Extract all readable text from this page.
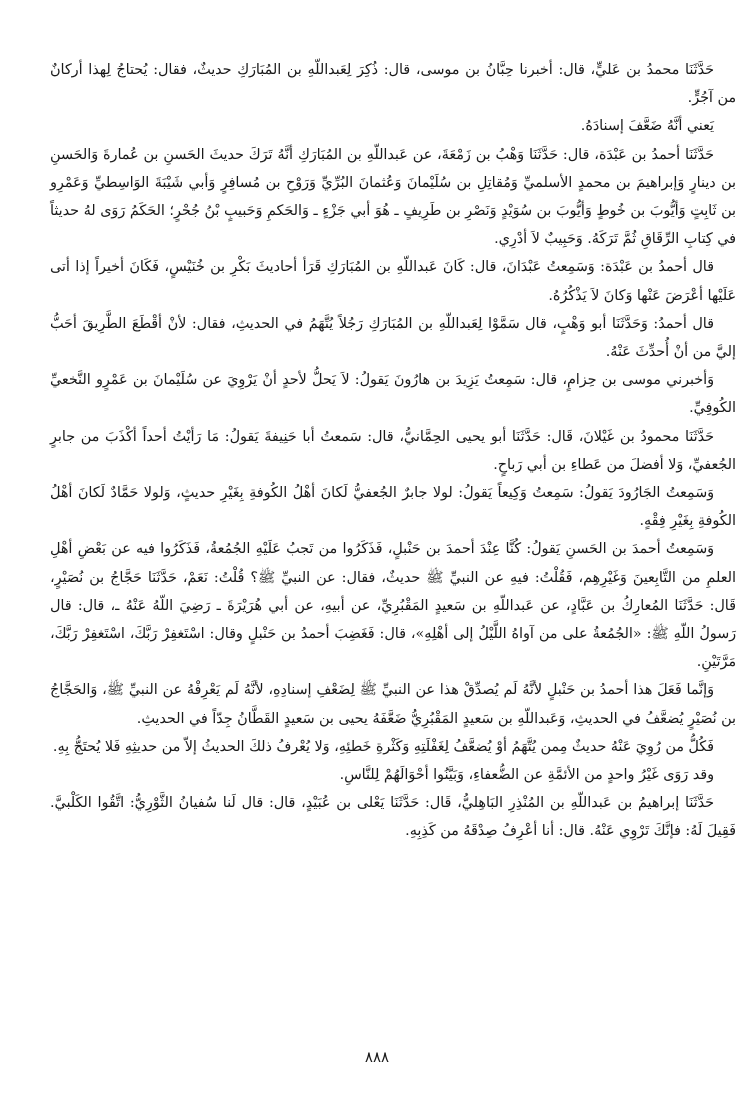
حَدَّثَنَا محمدُ بن عَليٍّ، قال: أخبرنا حِبَّانُ بن موسى، قال: ذُكِرَ لِعَبداللّهِ بن المُبَارَكِ حديثٌ، فقال: يُحتاجُ لِهذا أركانٌ من آجُرٍّ.

يَعني أنَّهُ ضَعَّفَ إسنادَهُ.

حَدَّثَنَا أحمدُ بن عَبْدَة، قال: حَدَّثَنَا وَهْبُ بن زَمْعَةَ، عن عَبداللّهِ بن المُبَارَكِ أنَّهُ تَرَكَ حديثَ الحَسنِ بن عُمارةَ وَالحَسنِ بن دينارٍ وَإبراهيمَ بن محمدٍ الأسلميِّ وَمُقاتِلِ بن سُلَيْمانَ وَعُثمانَ البُرِّيِّ وَرَوْحِ بن مُسافِرٍ وَأبي شَيْبَةَ الوَاسِطيِّ وَعَمْرِو بن ثَابِتٍ وَأيُّوبَ بن خُوطٍ وَأيُّوبَ بن سُوَيْدٍ وَنَصْرِ بن طَرِيفٍ ـ هُوَ أبي جَزْءٍ ـ وَالحَكمِ وَحَبيبٍ بْنُ جُحْرٍ؛ الحَكَمُ رَوَى لهُ حديثاً في كِتابِ الرِّقَاقِ ثُمَّ تَرَكَهُ. وَحَبِيبٌ لاَ أدْرِي.

قال أحمدُ بن عَبْدَة: وَسَمِعتُ عَبْدَانَ، قال: كَانَ عَبداللّهِ بن المُبَارَكِ قَرَأ أحاديثَ بَكْرِ بن خُنَيْسٍ، فَكَانَ أخيراً إذا أتى عَلَيْها أعْرَضَ عَنْها وَكانَ لاَ يَذْكُرُهُ.

قال أحمدُ: وَحَدَّثَنَا أبو وَهْبٍ، قال سَمَّوْا لِعَبداللّهِ بن المُبَارَكِ رَجُلاً يُتَّهَمُ في الحديثِ، فقال: لأنْ أقْطَعَ الطَّرِيقَ أحَبُّ إليَّ من أنْ أُحدِّثَ عَنْهُ.

وَأخبرني موسى بن حِزامٍ، قال: سَمِعتُ يَزِيدَ بن هارُونَ يَقولُ: لاَ يَحلُّ لأحدٍ أنْ يَرْوِيَ عن سُلَيْمانَ بن عَمْرٍو النَّخعيِّ الكُوفِيِّ.

حَدَّثَنَا محمودُ بن غَيْلانَ، قَال: حَدَّثَنَا أبو يحيى الحِمَّانيُّ، قال: سَمعتُ أبا حَنِيفةَ يَقولُ: مَا رَأيْتُ أحداً أكْذَبَ من جابرٍ الجُعفيِّ، وَلا أفضلَ من عَطاءِ بن أبي رَباحٍ.

وَسَمِعتُ الجَارُودَ يَقولُ: سَمِعتُ وَكِيعاً يَقولُ: لولا جابرٌ الجُعفيُّ لَكانَ أهْلُ الكُوفةِ بِغَيْرِ حديثٍ، وَلولا حَمَّادٌ لَكانَ أهْلُ الكُوفةِ بِغَيْرِ فِقْهٍ.

وَسَمِعتُ أحمدَ بن الحَسنِ يَقولُ: كُنَّا عِنْدَ أحمدَ بن حَنْبلٍ، فَذَكَرُوا من تَجبُ عَلَيْهِ الجُمُعةُ، فَذَكَرُوا فيه عن بَعْضِ أهْلِ العلمِ من التَّابِعينَ وَغَيْرِهِم، فَقُلْتُ: فيهِ عن النبيِّ ﷺ حديثٌ، فقال: عن النبيِّ ﷺ؟ قُلْتُ: نَعَمْ، حَدَّثَنَا حَجَّاجُ بن نُصَيْرٍ، قَال: حَدَّثَنَا المُعارِكُ بن عَبَّادٍ، عن عَبداللّهِ بن سَعيدٍ المَقْبُرِيِّ، عن أبيهِ، عن أبي هُرَيْرَةَ ـ رَضِيَ اللّهُ عَنْهُ ـ، قال: قال رَسولُ اللّهِ ﷺ: «الجُمُعةُ على من آواهُ اللَّيْلُ إلى أهْلِهِ»، قال: فَغَضِبَ أحمدُ بن حَنْبلٍ وقال: اسْتَغفِرْ رَبَّكَ، اسْتَغفِرْ رَبَّكَ، مَرَّتَيْنِ.

وَإنَّما فَعَلَ هذا أحمدُ بن حَنْبلٍ لأنَّهُ لَم يُصدِّقْ هذا عن النبيِّ ﷺ لِضَعْفِ إسنادِهِ، لأنَّهُ لَم يَعْرِفْهُ عن النبيِّ ﷺ، وَالحَجَّاجُ بن نُصَيْرٍ يُضعَّفُ في الحديثِ، وَعَبداللّهِ بن سَعيدٍ المَقْبُرِيُّ ضَعَّفَهُ يحيى بن سَعيدٍ القَطَّانُ جِدّاً في الحديثِ.

فَكُلُّ من رُوِيَ عَنْهُ حديثٌ مِمن يُتَّهَمُ أوْ يُضعَّفُ لِغَفْلَتِهِ وَكَثْرةِ خَطئِهِ، وَلا يُعْرفُ ذلكَ الحديثُ إلاّ من حديثِهِ فَلا يُحتَجُّ بِهِ.

وقد رَوَى غَيْرُ واحدٍ من الأئمَّةِ عن الضُّعفاءِ، وَبَيَّنُوا أحْوَالَهُمْ لِلنَّاسِ.

حَدَّثَنَا إبراهيمُ بن عَبداللّهِ بن المُنْذِرِ البَاهِليُّ، قَال: حَدَّثَنَا يَعْلى بن عُبَيْدٍ، قال: قال لَنا سُفيانُ الثَّوْرِيُّ: اتَّقُوا الكَلْبيَّ. فَقِيلَ لَهُ: فإنَّكَ تَرْوِي عَنْهُ. قال: أنا أعْرِفُ صِدْقَهُ من كَذِبِهِ.

٨٨٨
